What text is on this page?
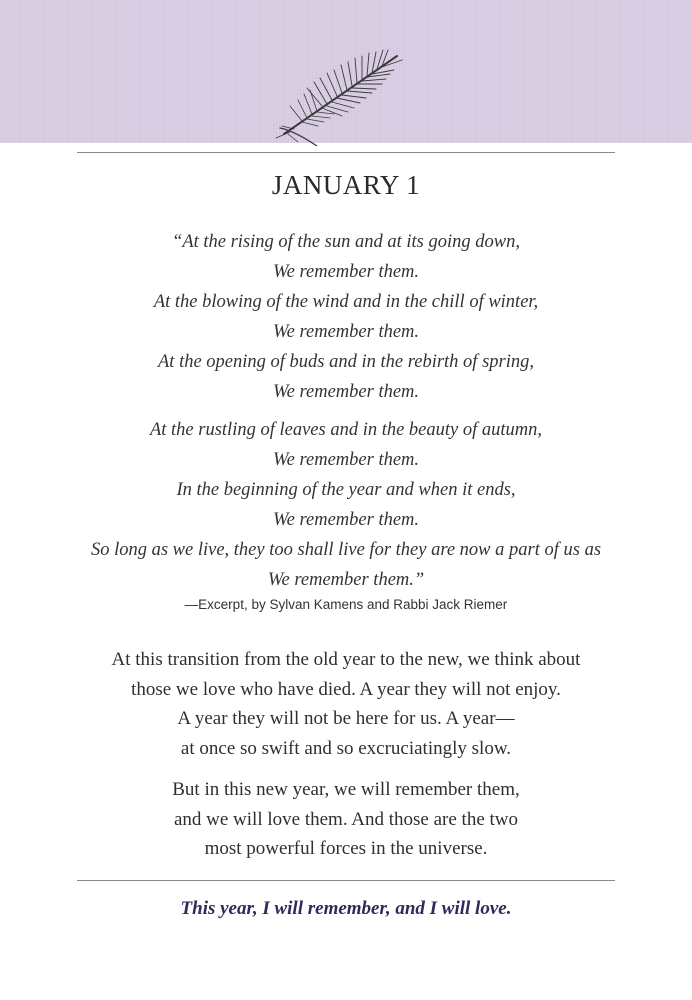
JANUARY 1
“At the rising of the sun and at its going down,
We remember them.
At the blowing of the wind and in the chill of winter,
We remember them.
At the opening of buds and in the rebirth of spring,
We remember them.
At the rustling of leaves and in the beauty of autumn,
We remember them.
In the beginning of the year and when it ends,
We remember them.
So long as we live, they too shall live for they are now a part of us as
We remember them.”
—Excerpt, by Sylvan Kamens and Rabbi Jack Riemer
At this transition from the old year to the new, we think about
those we love who have died. A year they will not enjoy.
A year they will not be here for us. A year—
at once so swift and so excruciatingly slow.
But in this new year, we will remember them,
and we will love them. And those are the two
most powerful forces in the universe.
This year, I will remember, and I will love.
